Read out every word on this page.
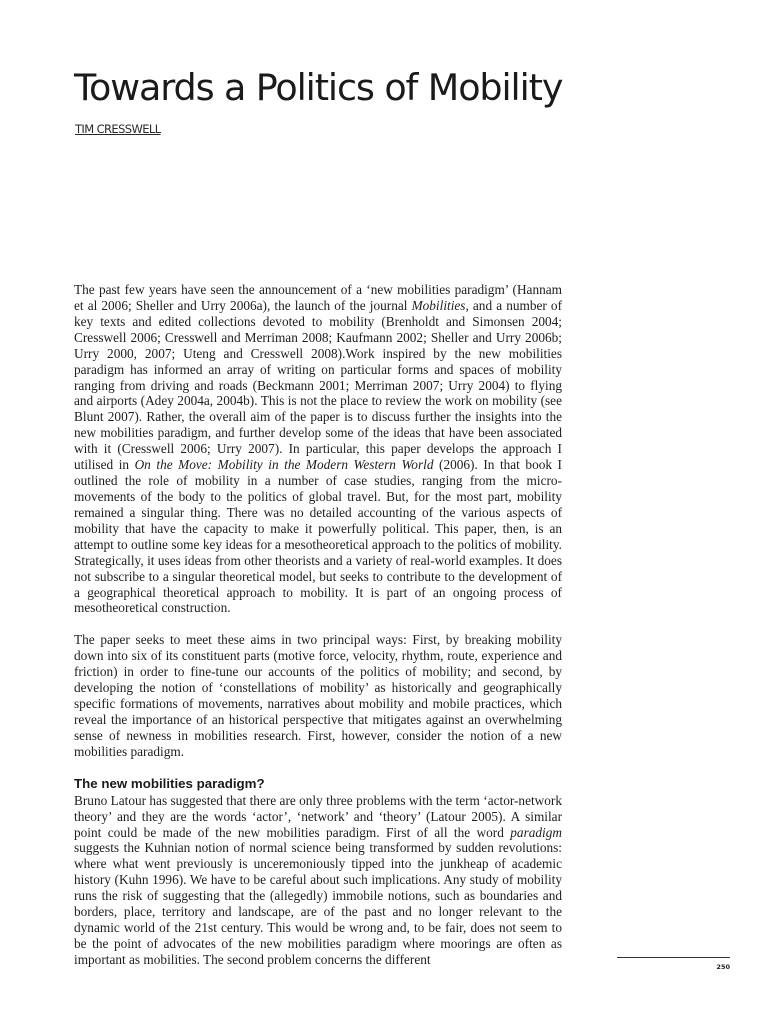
Towards a Politics of Mobility
TIM CRESSWELL

The past few years have seen the announcement of a ‘new mobilities paradigm’ (Hannam et al 2006; Sheller and Urry 2006a), the launch of the journal Mobilities, and a number of key texts and edited collections devoted to mobility (Brenholdt and Simonsen 2004; Cresswell 2006; Cresswell and Merriman 2008; Kaufmann 2002; Sheller and Urry 2006b; Urry 2000, 2007; Uteng and Cresswell 2008).Work inspired by the new mobilities paradigm has informed an array of writing on particular forms and spaces of mobility ranging from driving and roads (Beckmann 2001; Merriman 2007; Urry 2004) to flying and airports (Adey 2004a, 2004b). This is not the place to review the work on mobility (see Blunt 2007). Rather, the overall aim of the paper is to discuss further the insights into the new mobilities paradigm, and further develop some of the ideas that have been associated with it (Cresswell 2006; Urry 2007). In particular, this paper develops the approach I utilised in On the Move: Mobility in the Modern Western World (2006). In that book I outlined the role of mobility in a number of case studies, ranging from the micro-movements of the body to the politics of global travel. But, for the most part, mobility remained a singular thing. There was no detailed accounting of the various aspects of mobility that have the capacity to make it powerfully political. This paper, then, is an attempt to outline some key ideas for a mesotheoretical approach to the politics of mobility. Strategically, it uses ideas from other theorists and a variety of real-world examples. It does not subscribe to a singular theoretical model, but seeks to contribute to the development of a geographical theoretical approach to mobility. It is part of an ongoing process of mesotheoretical construction.

The paper seeks to meet these aims in two principal ways: First, by breaking mobility down into six of its constituent parts (motive force, velocity, rhythm, route, experience and friction) in order to fine-tune our accounts of the politics of mobility; and second, by developing the notion of ‘constellations of mobility’ as historically and geographically specific formations of movements, narratives about mobility and mobile practices, which reveal the importance of an historical perspective that mitigates against an overwhelming sense of newness in mobilities research. First, however, consider the notion of a new mobilities paradigm.

The new mobilities paradigm?

Bruno Latour has suggested that there are only three problems with the term ‘actor-network theory’ and they are the words ‘actor’, ‘network’ and ‘theory’ (Latour 2005). A similar point could be made of the new mobilities paradigm. First of all the word paradigm suggests the Kuhnian notion of normal science being transformed by sudden revolutions: where what went previously is unceremoniously tipped into the junkheap of academic history (Kuhn 1996). We have to be careful about such implications. Any study of mobility runs the risk of suggesting that the (allegedly) immobile notions, such as boundaries and borders, place, territory and landscape, are of the past and no longer relevant to the dynamic world of the 21st century. This would be wrong and, to be fair, does not seem to be the point of advocates of the new mobilities paradigm where moorings are often as important as mobilities. The second problem concerns the different

250
